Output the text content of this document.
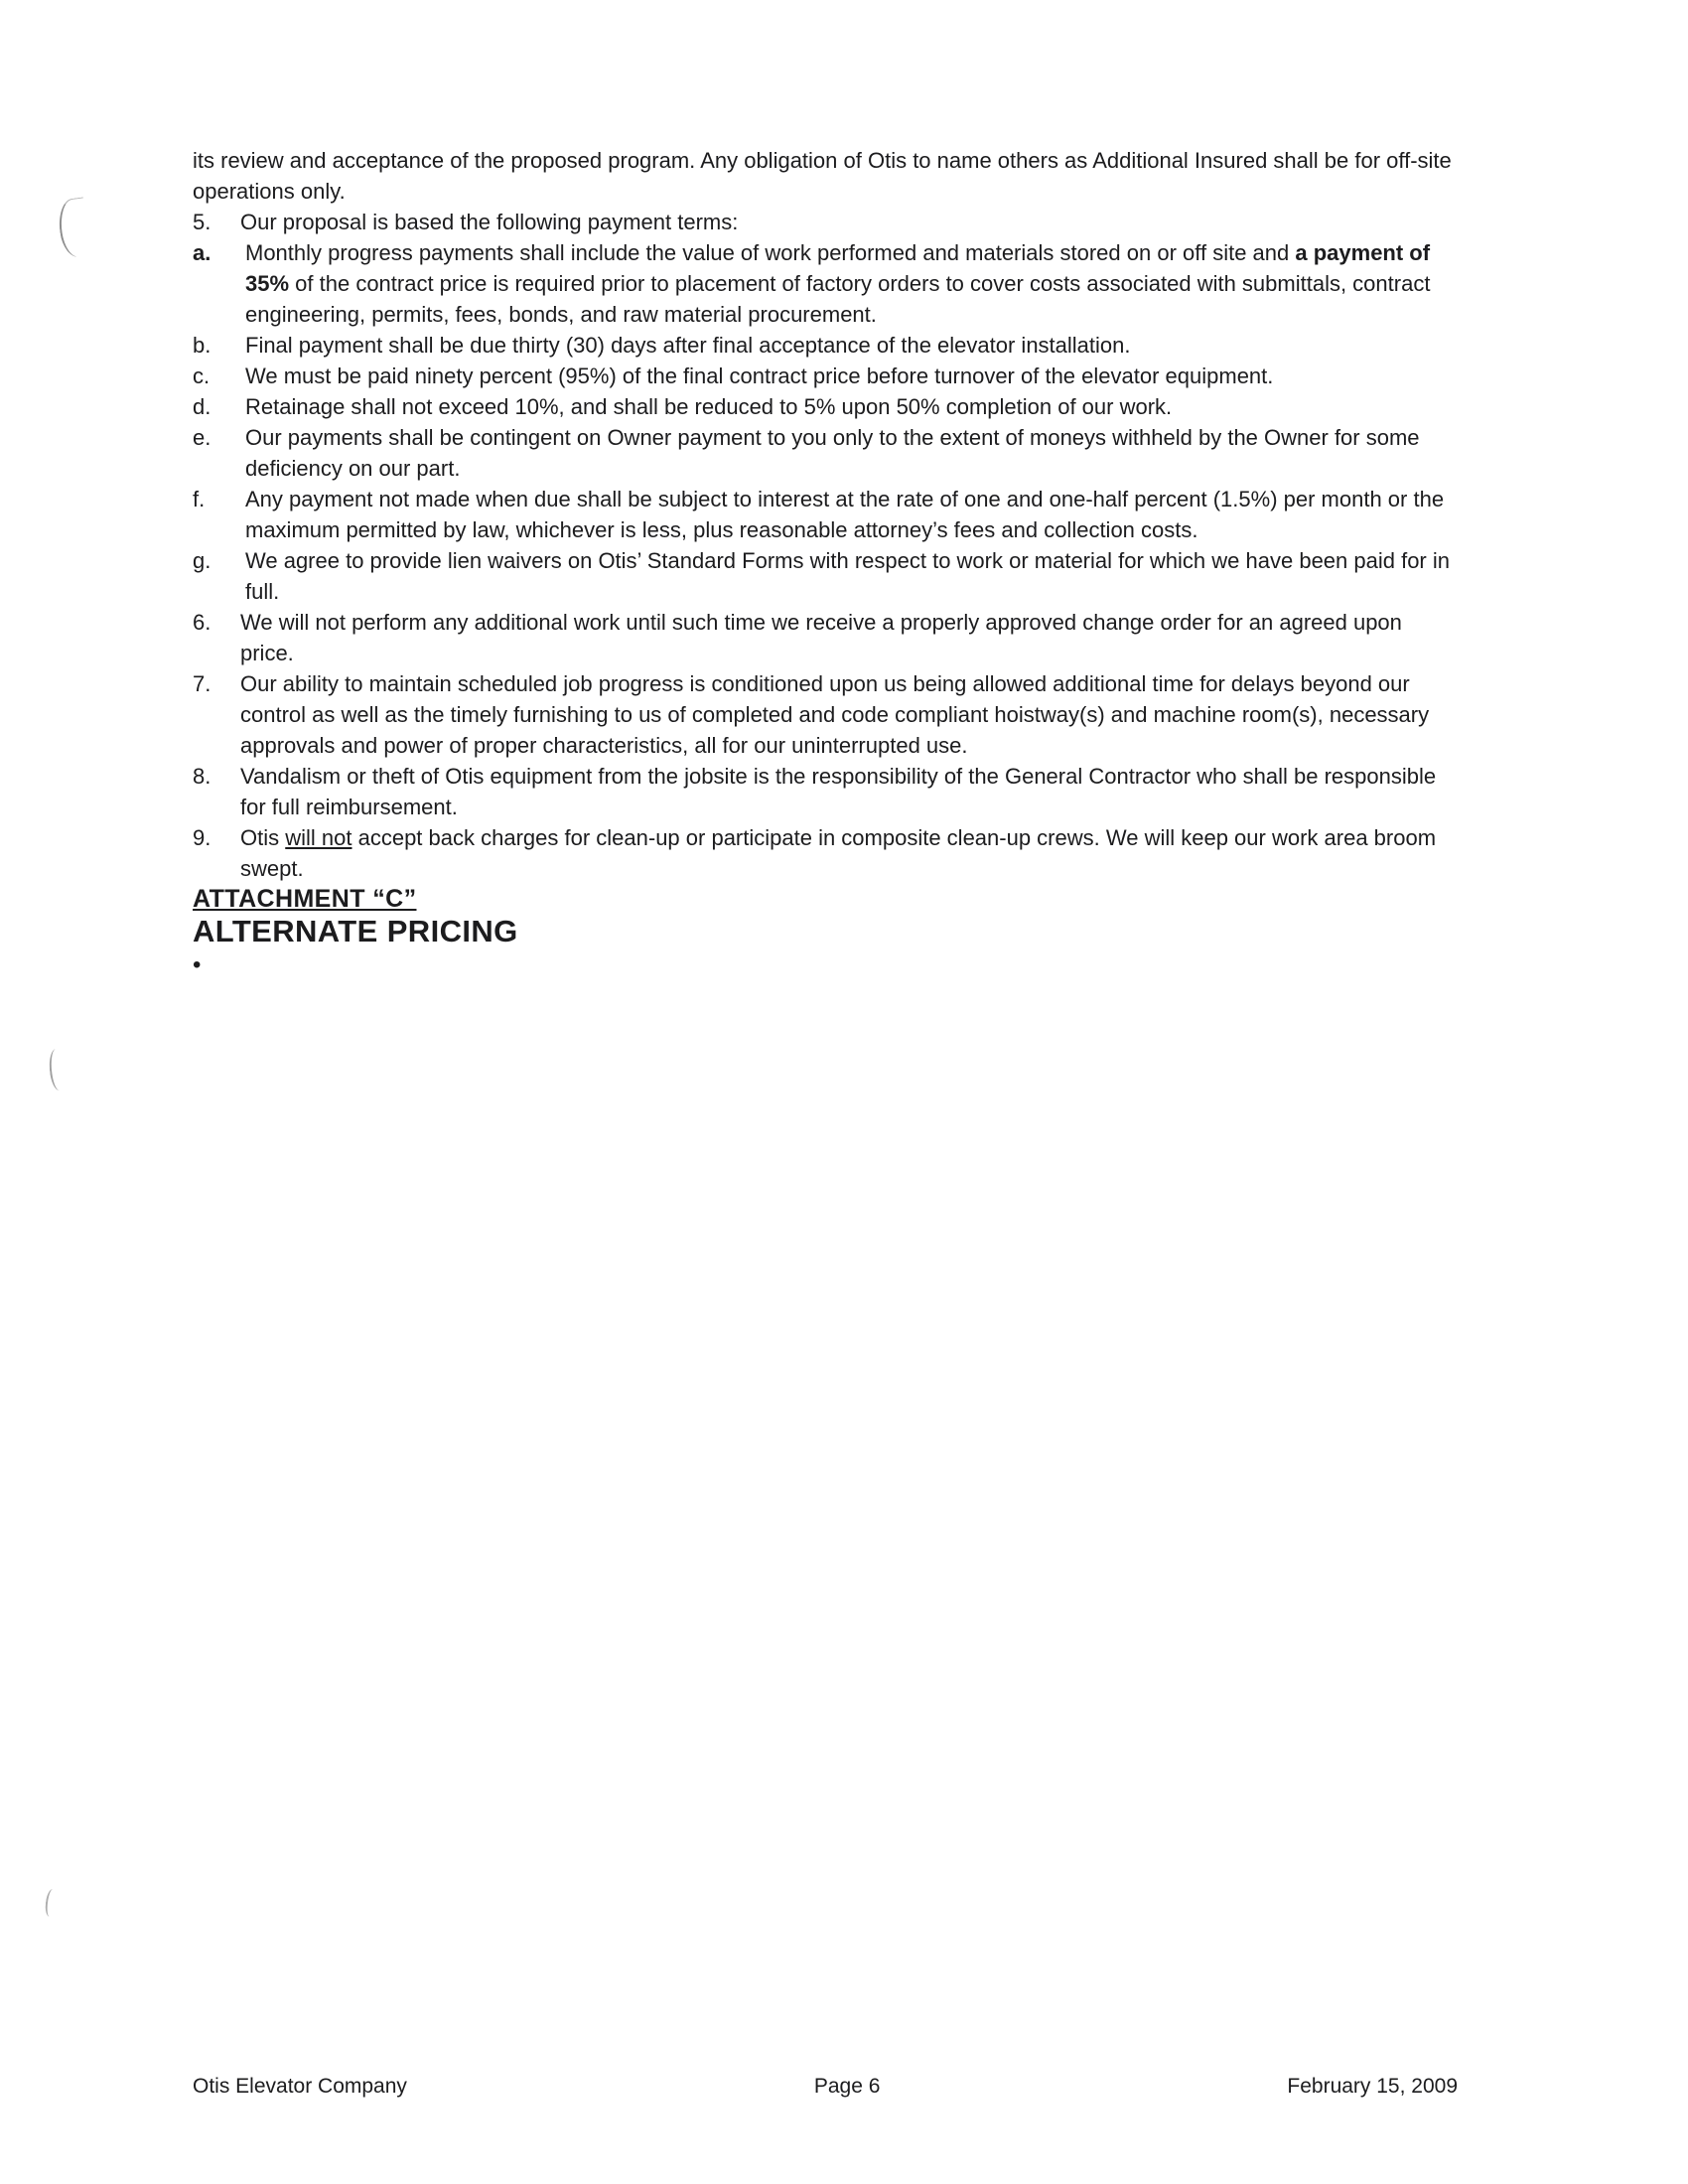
its review and acceptance of the proposed program. Any obligation of Otis to name others as Additional Insured shall be for off-site operations only.

5.	Our proposal is based the following payment terms:
a.	Monthly progress payments shall include the value of work performed and materials stored on or off site and a payment of 35% of the contract price is required prior to placement of factory orders to cover costs associated with submittals, contract engineering, permits, fees, bonds, and raw material procurement.
b.	Final payment shall be due thirty (30) days after final acceptance of the elevator installation.
c.	We must be paid ninety percent (95%) of the final contract price before turnover of the elevator equipment.
d.	Retainage shall not exceed 10%, and shall be reduced to 5% upon 50% completion of our work.
e.	Our payments shall be contingent on Owner payment to you only to the extent of moneys withheld by the Owner for some deficiency on our part.
f.	Any payment not made when due shall be subject to interest at the rate of one and one-half percent (1.5%) per month or the maximum permitted by law, whichever is less, plus reasonable attorney’s fees and collection costs.
g.	We agree to provide lien waivers on Otis’ Standard Forms with respect to work or material for which we have been paid for in full.
6.	We will not perform any additional work until such time we receive a properly approved change order for an agreed upon price.
7.	Our ability to maintain scheduled job progress is conditioned upon us being allowed additional time for delays beyond our control as well as the timely furnishing to us of completed and code compliant hoistway(s) and machine room(s), necessary approvals and power of proper characteristics, all for our uninterrupted use.
8.	Vandalism or theft of Otis equipment from the jobsite is the responsibility of the General Contractor who shall be responsible for full reimbursement.
9.	Otis will not accept back charges for clean-up or participate in composite clean-up crews. We will keep our work area broom swept.
ATTACHMENT “C”
ALTERNATE PRICING
•
Otis Elevator Company	Page 6	February 15, 2009
